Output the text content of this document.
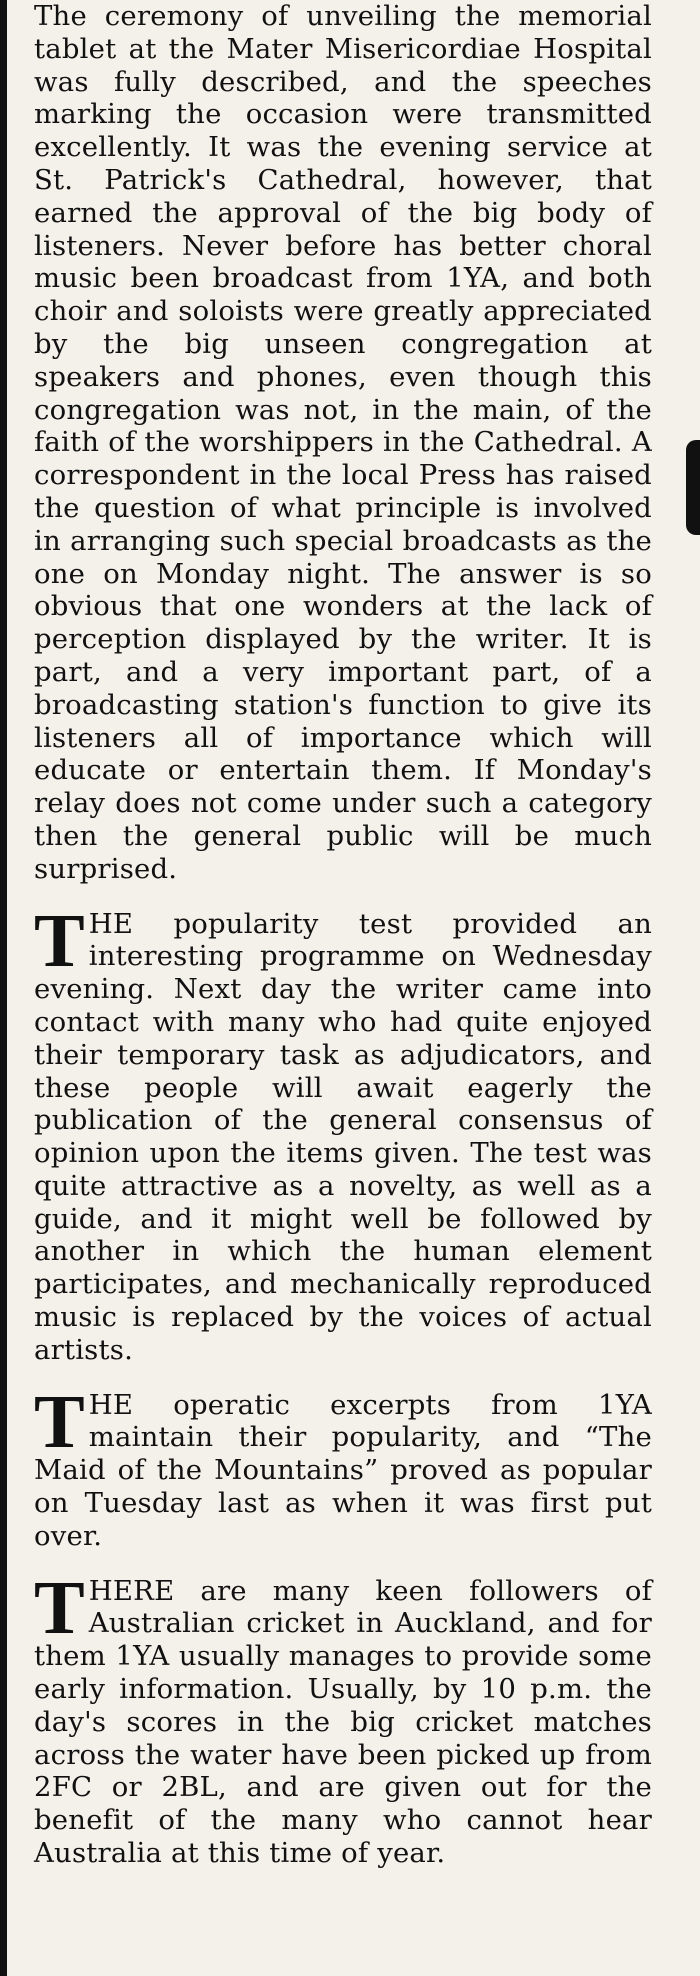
The ceremony of unveiling the memorial tablet at the Mater Misericordiae Hospital was fully described, and the speeches marking the occasion were transmitted excellently. It was the evening service at St. Patrick's Cathedral, however, that earned the approval of the big body of listeners. Never before has better choral music been broadcast from 1YA, and both choir and soloists were greatly appreciated by the big unseen congregation at speakers and phones, even though this congregation was not, in the main, of the faith of the worshippers in the Cathedral. A correspondent in the local Press has raised the question of what principle is involved in arranging such special broadcasts as the one on Monday night. The answer is so obvious that one wonders at the lack of perception displayed by the writer. It is part, and a very important part, of a broadcasting station's function to give its listeners all of importance which will educate or entertain them. If Monday's relay does not come under such a category then the general public will be much surprised.

T HE popularity test provided an interesting programme on Wednesday evening. Next day the writer came into contact with many who had quite enjoyed their temporary task as adjudicators, and these people will await eagerly the publication of the general consensus of opinion upon the items given. The test was quite attractive as a novelty, as well as a guide, and it might well be followed by another in which the human element participates, and mechanically reproduced music is replaced by the voices of actual artists.

T HE operatic excerpts from 1YA maintain their popularity, and “The Maid of the Mountains” proved as popular on Tuesday last as when it was first put over.

T HERE are many keen followers of Australian cricket in Auckland, and for them 1YA usually manages to provide some early information. Usually, by 10 p.m. the day's scores in the big cricket matches across the water have been picked up from 2FC or 2BL, and are given out for the benefit of the many who cannot hear Australia at this time of year.
